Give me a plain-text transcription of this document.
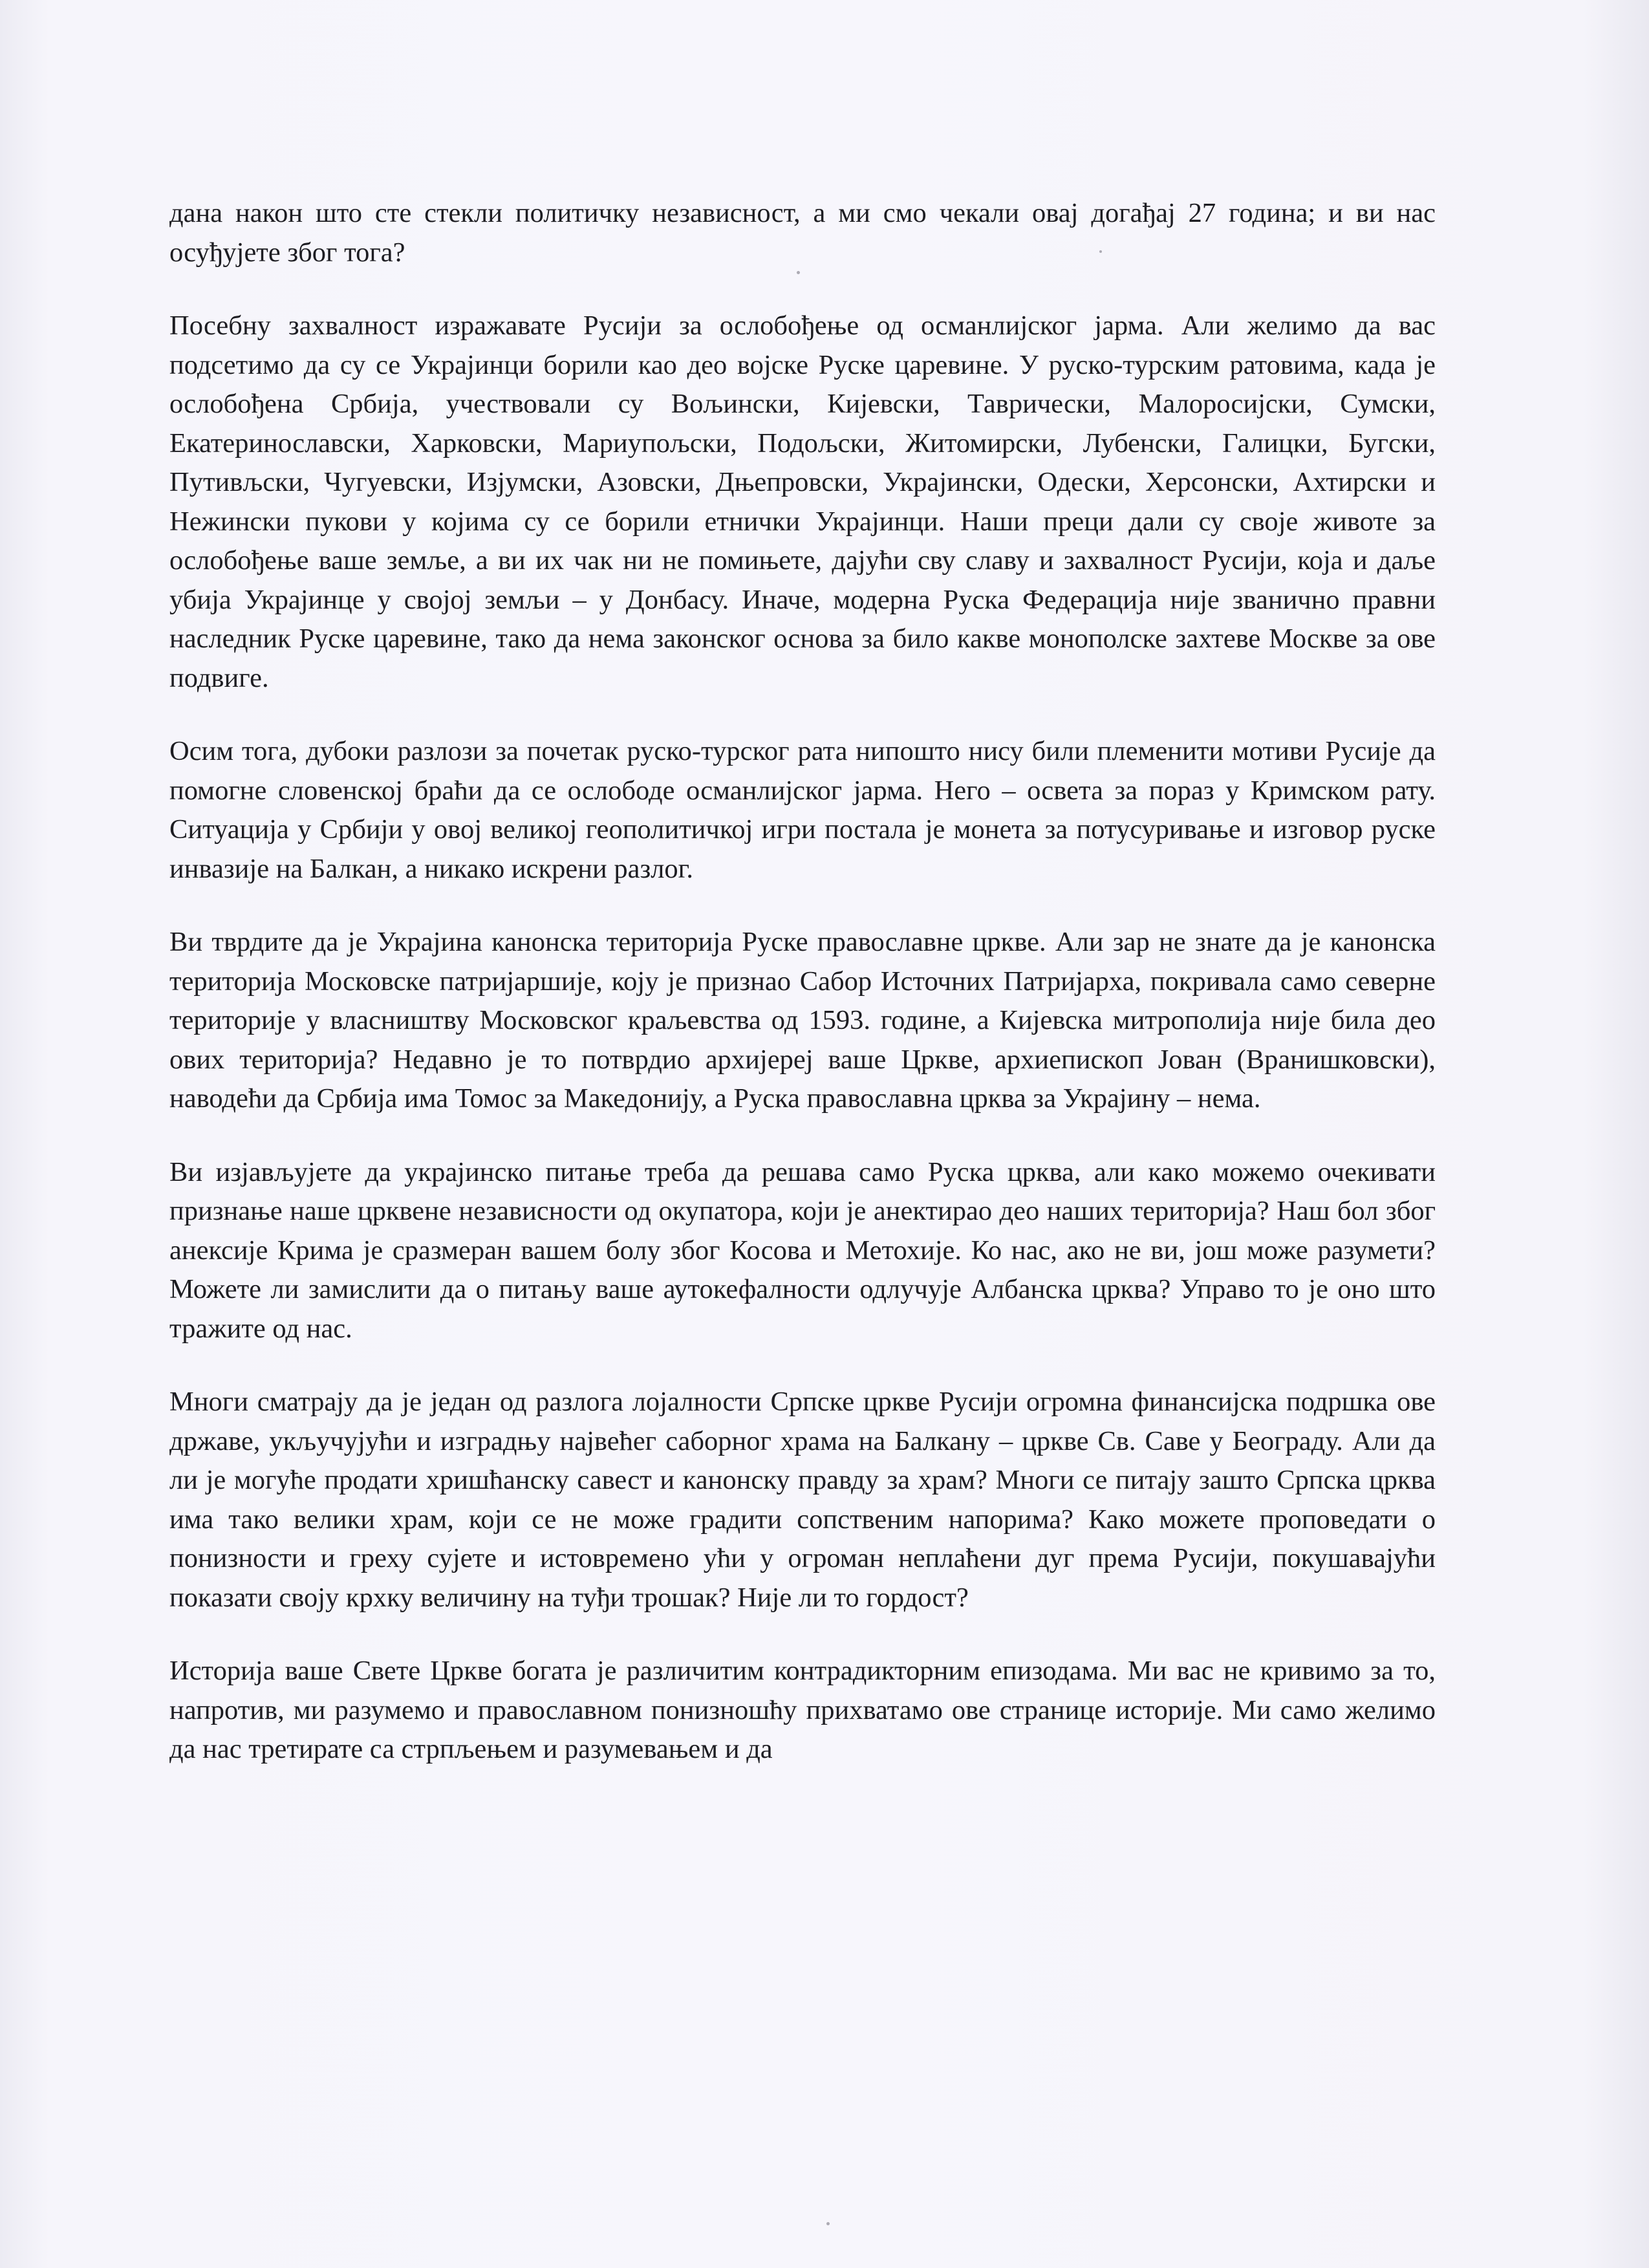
дана након што сте стекли политичку независност, а ми смо чекали овај догађај 27 година; и ви нас осуђујете због тога?

Посебну захвалност изражавате Русији за ослобођење од османлијског јарма. Али желимо да вас подсетимо да су се Украјинци борили као део војске Руске царевине. У руско-турским ратовима, када је ослобођена Србија, учествовали су Вољински, Кијевски, Таврически, Малоросијски, Сумски, Екатеринославски, Харковски, Мариупољски, Подољски, Житомирски, Лубенски, Галицки, Бугски, Путивљски, Чугуевски, Изјумски, Азовски, Дњепровски, Украјински, Одески, Херсонски, Ахтирски и Нежински пукови у којима су се борили етнички Украјинци. Наши преци дали су своје животе за ослобођење ваше земље, а ви их чак ни не помињете, дајући сву славу и захвалност Русији, која и даље убија Украјинце у својој земљи – у Донбасу. Иначе, модерна Руска Федерација није званично правни наследник Руске царевине, тако да нема законског основа за било какве монополске захтеве Москве за ове подвиге.

Осим тога, дубоки разлози за почетак руско-турског рата нипошто нису били племенити мотиви Русије да помогне словенској браћи да се ослободе османлијског јарма. Него – освета за пораз у Кримском рату. Ситуација у Србији у овој великој геополитичкој игри постала је монета за потусуривање и изговор руске инвазије на Балкан, а никако искрени разлог.

Ви тврдите да је Украјина канонска територија Руске православне цркве. Али зар не знате да је канонска територија Московске патријаршије, коју је признао Сабор Источних Патријарха, покривала само северне територије у власништву Московског краљевства од 1593. године, а Кијевска митрополија није била део ових територија? Недавно је то потврдио архијереј ваше Цркве, архиепископ Јован (Вранишковски), наводећи да Србија има Томос за Македонију, а Руска православна црква за Украјину – нема.

Ви изјављујете да украјинско питање треба да решава само Руска црква, али како можемо очекивати признање наше црквене независности од окупатора, који је анектирао део наших територија? Наш бол због анексије Крима је сразмеран вашем болу због Косова и Метохије. Ко нас, ако не ви, још може разумети? Можете ли замислити да о питању ваше аутокефалности одлучује Албанска црква? Управо то је оно што тражите од нас.

Многи сматрају да је један од разлога лојалности Српске цркве Русији огромна финансијска подршка ове државе, укључујући и изградњу највећег саборног храма на Балкану – цркве Св. Саве у Београду. Али да ли је могуће продати хришћанску савест и канонску правду за храм? Многи се питају зашто Српска црква има тако велики храм, који се не може градити сопственим напорима? Како можете проповедати о понизности и греху сујете и истовремено ући у огроман неплаћени дуг према Русији, покушавајући показати своју крхку величину на туђи трошак? Није ли то гордост?

Историја ваше Свете Цркве богата је различитим контрадикторним епизодама. Ми вас не кривимо за то, напротив, ми разумемо и православном понизношћу прихватамо ове странице историје. Ми само желимо да нас третирате са стрпљењем и разумевањем и да
